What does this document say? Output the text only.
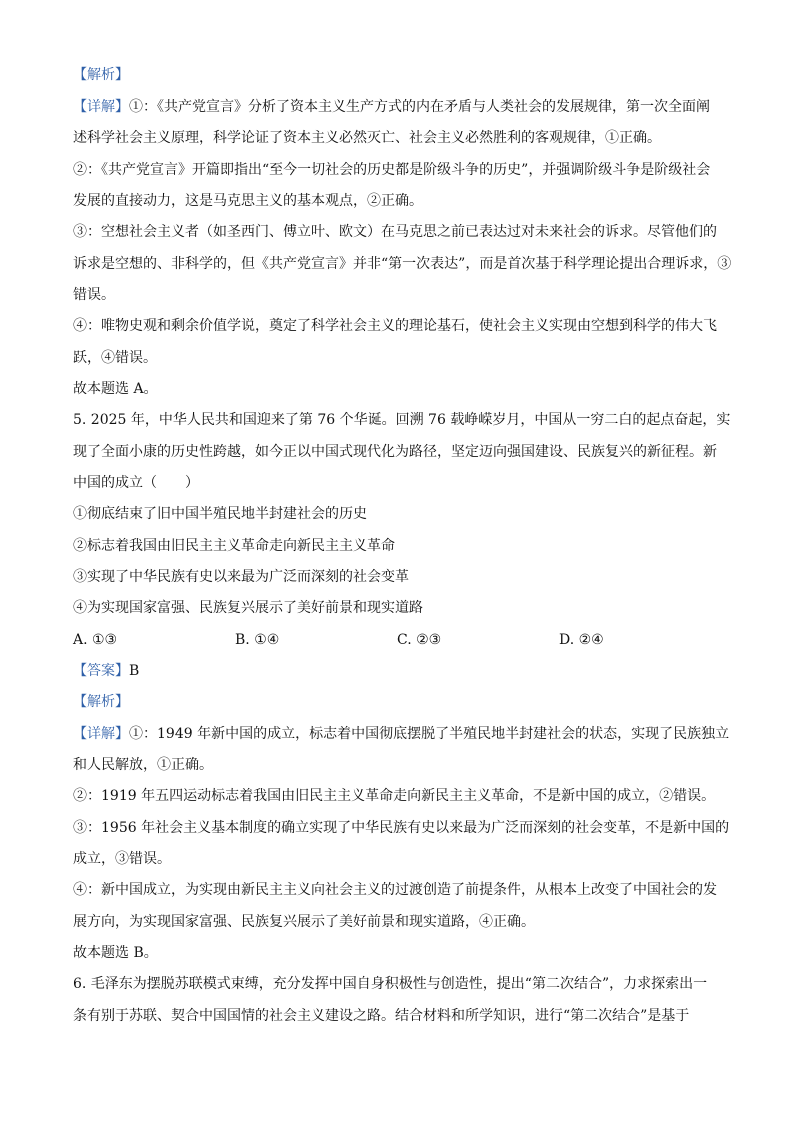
【解析】
【详解】①：《共产党宣言》分析了资本主义生产方式的内在矛盾与人类社会的发展规律，第一次全面阐
述科学社会主义原理，科学论证了资本主义必然灭亡、社会主义必然胜利的客观规律，①正确。
②：《共产党宣言》开篇即指出“至今一切社会的历史都是阶级斗争的历史”，并强调阶级斗争是阶级社会
发展的直接动力，这是马克思主义的基本观点，②正确。
③：空想社会主义者（如圣西门、傅立叶、欧文）在马克思之前已表达过对未来社会的诉求。尽管他们的
诉求是空想的、非科学的，但《共产党宣言》并非“第一次表达”，而是首次基于科学理论提出合理诉求，③
错误。
④：唯物史观和剩余价值学说，奠定了科学社会主义的理论基石，使社会主义实现由空想到科学的伟大飞
跃，④错误。
故本题选 A。
5. 2025 年，中华人民共和国迎来了第 76 个华诞。回溯 76 载峥嵘岁月，中国从一穷二白的起点奋起，实
现了全面小康的历史性跨越，如今正以中国式现代化为路径，坚定迈向强国建设、民族复兴的新征程。新
中国的成立（　　）
①彻底结束了旧中国半殖民地半封建社会的历史
②标志着我国由旧民主主义革命走向新民主主义革命
③实现了中华民族有史以来最为广泛而深刻的社会变革
④为实现国家富强、民族复兴展示了美好前景和现实道路
A. ①③	B. ①④	C. ②③	D. ②④
【答案】B
【解析】
【详解】①：1949 年新中国的成立，标志着中国彻底摆脱了半殖民地半封建社会的状态，实现了民族独立
和人民解放，①正确。
②：1919 年五四运动标志着我国由旧民主主义革命走向新民主主义革命，不是新中国的成立，②错误。
③：1956 年社会主义基本制度的确立实现了中华民族有史以来最为广泛而深刻的社会变革，不是新中国的
成立，③错误。
④：新中国成立，为实现由新民主主义向社会主义的过渡创造了前提条件，从根本上改变了中国社会的发
展方向，为实现国家富强、民族复兴展示了美好前景和现实道路，④正确。
故本题选 B。
6. 毛泽东为摆脱苏联模式束缚，充分发挥中国自身积极性与创造性，提出“第二次结合”，力求探索出一
条有别于苏联、契合中国国情的社会主义建设之路。结合材料和所学知识，进行“第二次结合”是基于
